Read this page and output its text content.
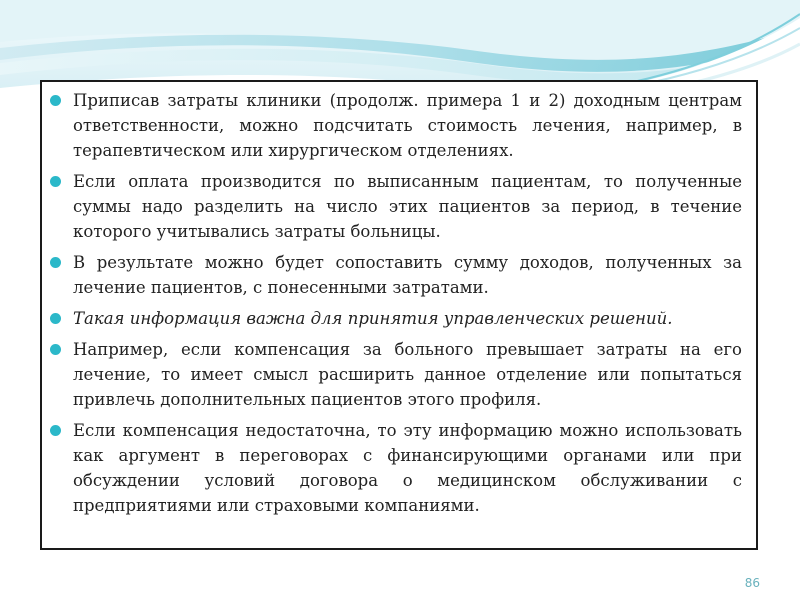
Приписав затраты клиники (продолж. примера 1 и 2) доходным центрам ответственности, можно подсчитать стоимость лечения, например, в терапевтическом или хирургическом отделениях.
Если оплата производится по выписанным пациентам, то полученные суммы надо разделить на число этих пациентов за период, в течение которого учитывались затраты больницы.
В результате можно будет сопоставить сумму доходов, полученных за лечение пациентов, с понесенными затратами.
Такая информация важна для принятия управленческих решений.
Например, если компенсация за больного превышает затраты на его лечение, то имеет смысл расширить данное отделение или попытаться привлечь дополнительных пациентов этого профиля.
Если компенсация недостаточна, то эту информацию можно использовать как аргумент в переговорах с финансирующими органами или при обсуждении условий договора о медицинском обслуживании с предприятиями или страховыми компаниями.
86
